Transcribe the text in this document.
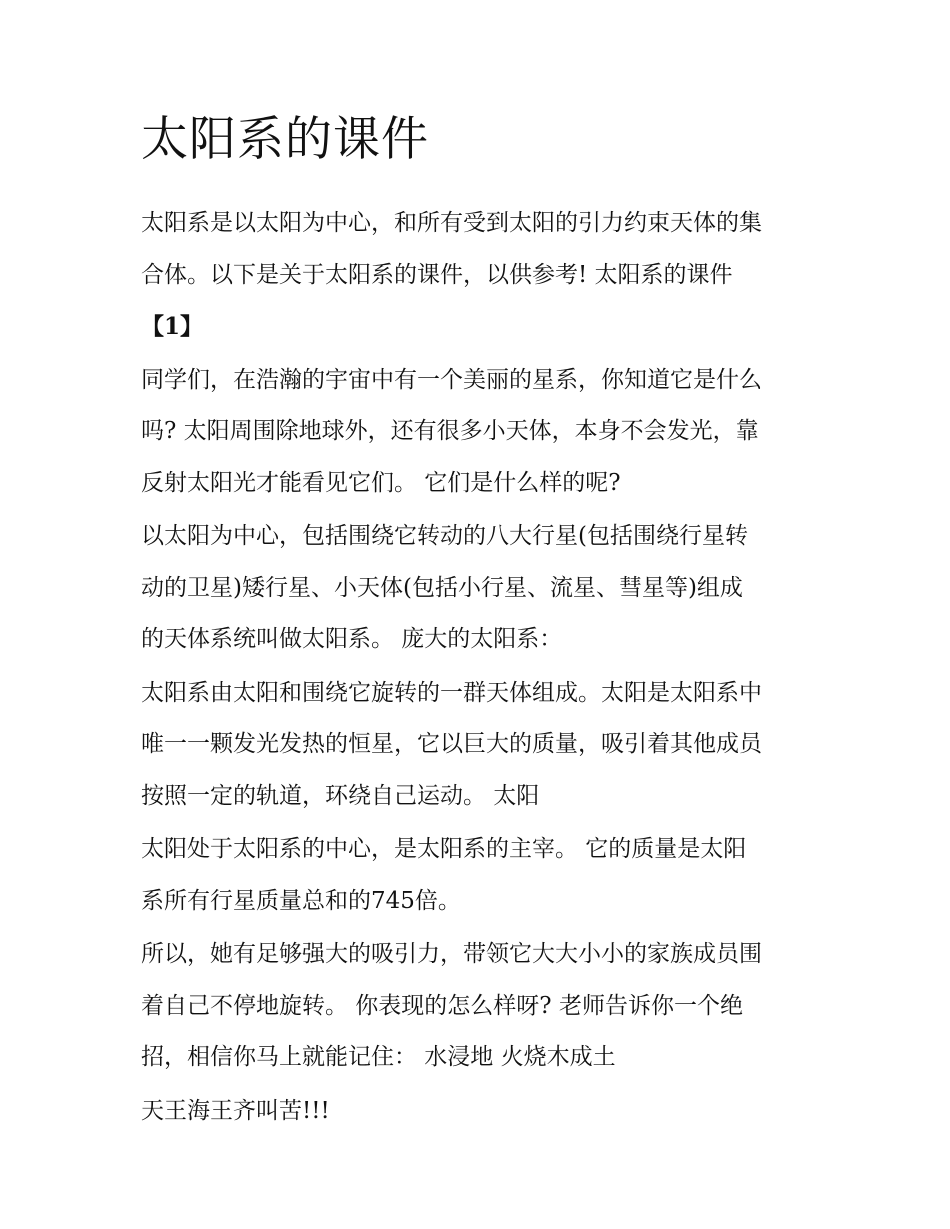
太阳系的课件

太阳系是以太阳为中心，和所有受到太阳的引力约束天体的集
合体。以下是关于太阳系的课件，以供参考! 太阳系的课件
【1】

同学们，在浩瀚的宇宙中有一个美丽的星系，你知道它是什么
吗? 太阳周围除地球外，还有很多小天体，本身不会发光，靠
反射太阳光才能看见它们。 它们是什么样的呢?

以太阳为中心，包括围绕它转动的八大行星(包括围绕行星转
动的卫星)矮行星、小天体(包括小行星、流星、彗星等)组成
的天体系统叫做太阳系。 庞大的太阳系：

太阳系由太阳和围绕它旋转的一群天体组成。太阳是太阳系中
唯一一颗发光发热的恒星，它以巨大的质量，吸引着其他成员
按照一定的轨道，环绕自己运动。 太阳

太阳处于太阳系的中心，是太阳系的主宰。 它的质量是太阳
系所有行星质量总和的745倍。

所以，她有足够强大的吸引力，带领它大大小小的家族成员围
着自己不停地旋转。 你表现的怎么样呀? 老师告诉你一个绝
招，相信你马上就能记住： 水浸地 火烧木成土

天王海王齐叫苦!!!
